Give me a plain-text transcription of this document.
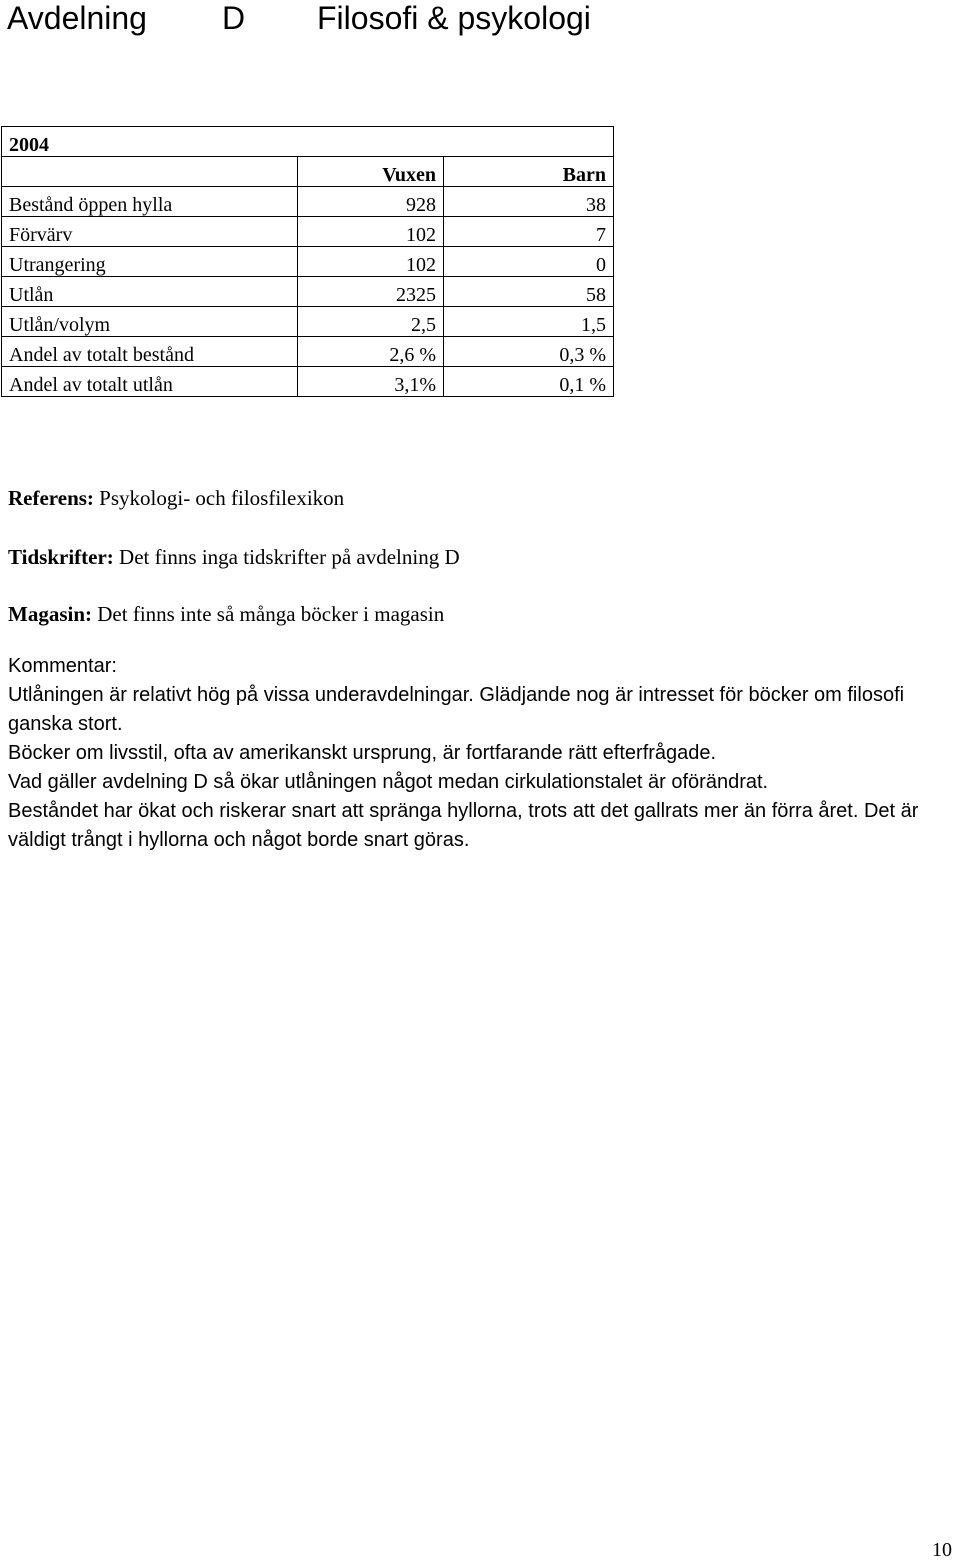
Avdelning D Filosofi & psykologi
2004		
	Vuxen	Barn
Bestånd öppen hylla	928	38
Förvärv	102	7
Utrangering	102	0
Utlån	2325	58
Utlån/volym	2,5	1,5
Andel av totalt bestånd	2,6 %	0,3 %
Andel av totalt utlån	3,1%	0,1 %
Referens: Psykologi- och filosfilexikon
Tidskrifter: Det finns inga tidskrifter på avdelning D
Magasin: Det finns inte så många böcker i magasin
Kommentar:

Utlåningen är relativt hög på vissa underavdelningar. Glädjande nog är intresset för böcker om filosofi ganska stort.

Böcker om livsstil, ofta av amerikanskt ursprung, är fortfarande rätt efterfrågade.

Vad gäller avdelning D så ökar utlåningen något medan cirkulationstalet är oförändrat.

Beståndet har ökat och riskerar snart att spränga hyllorna, trots att det gallrats mer än förra året. Det är väldigt trångt i hyllorna och något borde snart göras.

10
